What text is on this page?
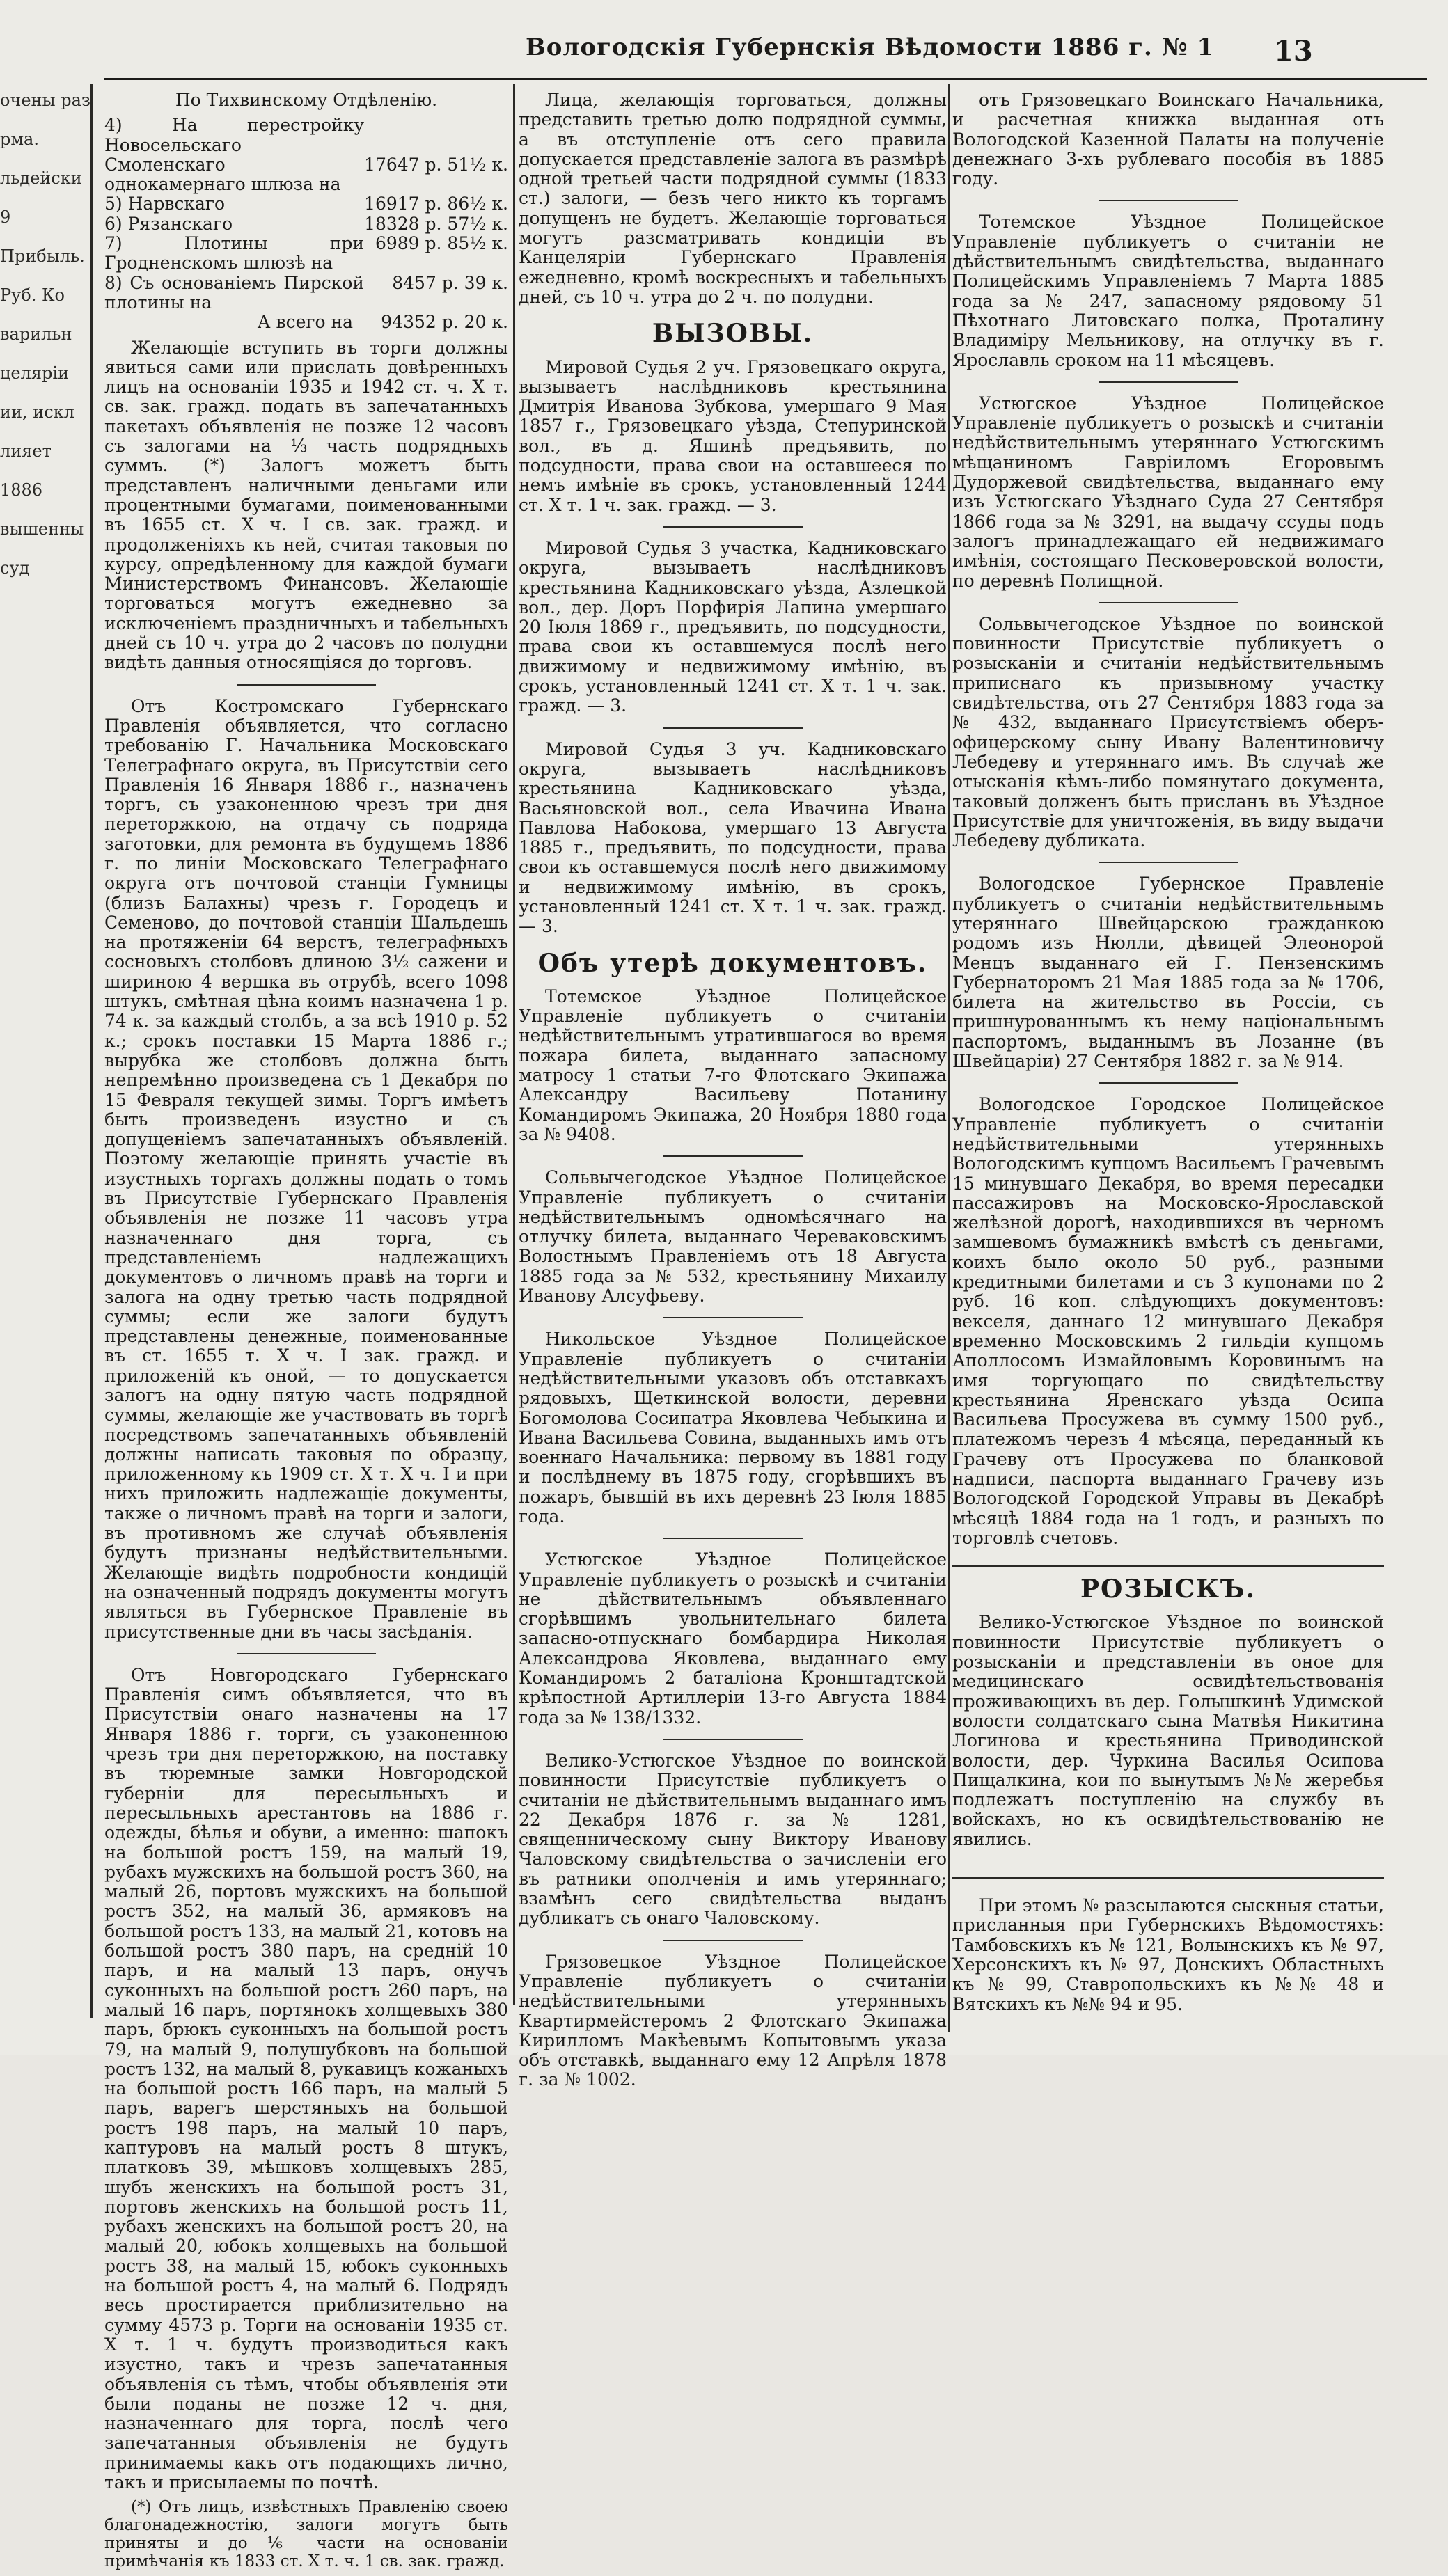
Вологодскія Губернскія Вѣдомости 1886 г. № 1 13
очены раз
рма.
льдейски
9
Прибыль.
Руб. Ко
варильн
целярiи
ии, искл
лияет
1886
вышенны
суд

По Тихвинскому Отдѣленію.

4) На перестройку Новосельскаго	
Смоленскаго однокамернаго шлюза на	17647 р. 51½ к.
5) Нарвскаго	16917 р. 86½ к.
6) Рязанскаго	18328 р. 57½ к.
7) Плотины при Гродненскомъ шлюзѣ на	6989 р. 85½ к.
8) Съ основаніемъ Пирской плотины на	8457 р. 39 к.
А всего на	94352 р. 20 к.

Желающіе вступить въ торги должны явиться сами или прислать довѣренныхъ лицъ на основаніи 1935 и 1942 ст. ч. Х т. св. зак. гражд. подать въ запечатанныхъ пакетахъ объявленія не позже 12 часовъ съ залогами на ⅓ часть подрядныхъ суммъ. (*) Залогъ можетъ быть представленъ наличными деньгами или процентными бумагами, поименованными въ 1655 ст. Х ч. I св. зак. гражд. и продолженіяхъ къ ней, считая таковыя по курсу, опредѣленному для каждой бумаги Министерствомъ Финансовъ. Желающіе торговаться могутъ ежедневно за исключеніемъ праздничныхъ и табельныхъ дней съ 10 ч. утра до 2 часовъ по полудни видѣть данныя относящіяся до торговъ.

Отъ Костромскаго Губернскаго Правленія объявляется, что согласно требованію Г. Начальника Московскаго Телеграфнаго округа, въ Присутствіи сего Правленія 16 Января 1886 г., назначенъ торгъ, съ узаконенною чрезъ три дня переторжкою, на отдачу съ подряда заготовки, для ремонта въ будущемъ 1886 г. по линіи Московскаго Телеграфнаго округа отъ почтовой станціи Гумницы (близъ Балахны) чрезъ г. Городецъ и Семеново, до почтовой станціи Шальдешь на протяженіи 64 верстъ, телеграфныхъ сосновыхъ столбовъ длиною 3½ сажени и шириною 4 вершка въ отрубѣ, всего 1098 штукъ, смѣтная цѣна коимъ назначена 1 р. 74 к. за каждый столбъ, а за всѣ 1910 р. 52 к.; срокъ поставки 15 Марта 1886 г.; вырубка же столбовъ должна быть непремѣнно произведена съ 1 Декабря по 15 Февраля текущей зимы. Торгъ имѣетъ быть произведенъ изустно и съ допущеніемъ запечатанныхъ объявленій. Поэтому желающіе принять участіе въ изустныхъ торгахъ должны подать о томъ въ Присутствіе Губернскаго Правленія объявленія не позже 11 часовъ утра назначеннаго дня торга, съ представленіемъ надлежащихъ документовъ о личномъ правѣ на торги и залога на одну третью часть подрядной суммы; если же залоги будутъ представлены денежные, поименованные въ ст. 1655 т. Х ч. I зак. гражд. и приложеній къ оной, — то допускается залогъ на одну пятую часть подрядной суммы, желающіе же участвовать въ торгѣ посредствомъ запечатанныхъ объявленій должны написать таковыя по образцу, приложенному къ 1909 ст. Х т. Х ч. I и при нихъ приложить надлежащіе документы, также о личномъ правѣ на торги и залоги, въ противномъ же случаѣ объявленія будутъ признаны недѣйствительными. Желающіе видѣть подробности кондицій на означенный подрядъ документы могутъ являться въ Губернское Правленіе въ присутственные дни въ часы засѣданія.

Отъ Новгородскаго Губернскаго Правленія симъ объявляется, что въ Присутствіи онаго назначены на 17 Января 1886 г. торги, съ узаконенною чрезъ три дня переторжкою, на поставку въ тюремные замки Новгородской губерніи для пересыльныхъ и пересыльныхъ арестантовъ на 1886 г. одежды, бѣлья и обуви, а именно: шапокъ на большой ростъ 159, на малый 19, рубахъ мужскихъ на большой ростъ 360, на малый 26, портовъ мужскихъ на большой ростъ 352, на малый 36, армяковъ на большой ростъ 133, на малый 21, котовъ на большой ростъ 380 паръ, на средній 10 паръ, и на малый 13 паръ, онучъ суконныхъ на большой ростъ 260 паръ, на малый 16 паръ, портянокъ холщевыхъ 380 паръ, брюкъ суконныхъ на большой ростъ 79, на малый 9, полушубковъ на большой ростъ 132, на малый 8, рукавицъ кожаныхъ на большой ростъ 166 паръ, на малый 5 паръ, варегъ шерстяныхъ на большой ростъ 198 паръ, на малый 10 паръ, каптуровъ на малый ростъ 8 штукъ, платковъ 39, мѣшковъ холщевыхъ 285, шубъ женскихъ на большой ростъ 31, портовъ женскихъ на большой ростъ 11, рубахъ женскихъ на большой ростъ 20, на малый 20, юбокъ холщевыхъ на большой ростъ 38, на малый 15, юбокъ суконныхъ на большой ростъ 4, на малый 6. Подрядъ весь простирается приблизительно на сумму 4573 р. Торги на основаніи 1935 ст. Х т. 1 ч. будутъ производиться какъ изустно, такъ и чрезъ запечатанныя объявленія съ тѣмъ, чтобы объявленія эти были поданы не позже 12 ч. дня, назначеннаго для торга, послѣ чего запечатанныя объявленія не будутъ принимаемы какъ отъ подающихъ лично, такъ и присылаемы по почтѣ.

(*) Отъ лицъ, извѣстныхъ Правленію своею благонадежностію, залоги могутъ быть приняты и до ⅙ части на основаніи примѣчанія къ 1833 ст. Х т. ч. 1 св. зак. гражд.

Лица, желающія торговаться, должны представить третью долю подрядной суммы, а въ отступленіе отъ сего правила допускается представленіе залога въ размѣрѣ одной третьей части подрядной суммы (1833 ст.) залоги, — безъ чего никто къ торгамъ допущенъ не будетъ. Желающіе торговаться могутъ разсматривать кондиціи въ Канцеляріи Губернскаго Правленія ежедневно, кромѣ воскресныхъ и табельныхъ дней, съ 10 ч. утра до 2 ч. по полудни.

ВЫЗОВЫ.

Мировой Судья 2 уч. Грязовецкаго округа, вызываетъ наслѣдниковъ крестьянина Дмитрія Иванова Зубкова, умершаго 9 Мая 1857 г., Грязовецкаго уѣзда, Степуринской вол., въ д. Яшинѣ предъявить, по подсудности, права свои на оставшееся по немъ имѣніе въ срокъ, установленный 1244 ст. Х т. 1 ч. зак. гражд. — 3.

Мировой Судья 3 участка, Кадниковскаго округа, вызываетъ наслѣдниковъ крестьянина Кадниковскаго уѣзда, Азлецкой вол., дер. Доръ Порфирія Лапина умершаго 20 Іюля 1869 г., предъявить, по подсудности, права свои къ оставшемуся послѣ него движимому и недвижимому имѣнію, въ срокъ, установленный 1241 ст. Х т. 1 ч. зак. гражд. — 3.

Мировой Судья 3 уч. Кадниковскаго округа, вызываетъ наслѣдниковъ крестьянина Кадниковскаго уѣзда, Васьяновской вол., села Ивачина Ивана Павлова Набокова, умершаго 13 Августа 1885 г., предъявить, по подсудности, права свои къ оставшемуся послѣ него движимому и недвижимому имѣнію, въ срокъ, установленный 1241 ст. Х т. 1 ч. зак. гражд. — 3.

Объ утерѣ документовъ.

Тотемское Уѣздное Полицейское Управленіе публикуетъ о считаніи недѣйствительнымъ утратившагося во время пожара билета, выданнаго запасному матросу 1 статьи 7-го Флотскаго Экипажа Александру Васильеву Потанину Командиромъ Экипажа, 20 Ноября 1880 года за № 9408.

Сольвычегодское Уѣздное Полицейское Управленіе публикуетъ о считаніи недѣйствительнымъ одномѣсячнаго на отлучку билета, выданнаго Череваковскимъ Волостнымъ Правленіемъ отъ 18 Августа 1885 года за № 532, крестьянину Михаилу Иванову Алсуфьеву.

Никольское Уѣздное Полицейское Управленіе публикуетъ о считаніи недѣйствительными указовъ объ отставкахъ рядовыхъ, Щеткинской волости, деревни Богомолова Сосипатра Яковлева Чебыкина и Ивана Васильева Совина, выданныхъ имъ отъ военнаго Начальника: первому въ 1881 году и послѣднему въ 1875 году, сгорѣвшихъ въ пожаръ, бывшій въ ихъ деревнѣ 23 Іюля 1885 года.

Устюгское Уѣздное Полицейское Управленіе публикуетъ о розыскѣ и считаніи не дѣйствительнымъ объявленнаго сгорѣвшимъ увольнительнаго билета запасно-отпускнаго бомбардира Николая Александрова Яковлева, выданнаго ему Командиромъ 2 баталіона Кронштадтской крѣпостной Артиллеріи 13-го Августа 1884 года за № 138/1332.

Велико-Устюгское Уѣздное по воинской повинности Присутствіе публикуетъ о считаніи не дѣйствительнымъ выданнаго имъ 22 Декабря 1876 г. за № 1281, священническому сыну Виктору Иванову Чаловскому свидѣтельства о зачисленіи его въ ратники ополченія и имъ утеряннаго; взамѣнъ сего свидѣтельства выданъ дубликатъ съ онаго Чаловскому.

Грязовецкое Уѣздное Полицейское Управленіе публикуетъ о считаніи недѣйствительными утерянныхъ Квартирмейстеромъ 2 Флотскаго Экипажа Кирилломъ Макѣевымъ Копытовымъ указа объ отставкѣ, выданнаго ему 12 Апрѣля 1878 г. за № 1002.

отъ Грязовецкаго Воинскаго Начальника, и расчетная книжка выданная отъ Вологодской Казенной Палаты на полученіе денежнаго 3-хъ рублеваго пособія въ 1885 году.

Тотемское Уѣздное Полицейское Управленіе публикуетъ о считаніи не дѣйствительнымъ свидѣтельства, выданнаго Полицейскимъ Управленіемъ 7 Марта 1885 года за № 247, запасному рядовому 51 Пѣхотнаго Литовскаго полка, Проталину Владиміру Мельникову, на отлучку въ г. Ярославль сроком на 11 мѣсяцевъ.

Устюгское Уѣздное Полицейское Управленіе публикуетъ о розыскѣ и считаніи недѣйствительнымъ утеряннаго Устюгскимъ мѣщаниномъ Гавріиломъ Егоровымъ Дудоржевой свидѣтельства, выданнаго ему изъ Устюгскаго Уѣзднаго Суда 27 Сентября 1866 года за № 3291, на выдачу ссуды подъ залогъ принадлежащаго ей недвижимаго имѣнія, состоящаго Песковеровской волости, по деревнѣ Полищной.

Сольвычегодское Уѣздное по воинской повинности Присутствіе публикуетъ о розысканіи и считаніи недѣйствительнымъ приписнаго къ призывному участку свидѣтельства, отъ 27 Сентября 1883 года за № 432, выданнаго Присутствіемъ оберъ-офицерскому сыну Ивану Валентиновичу Лебедеву и утеряннаго имъ. Въ случаѣ же отысканія кѣмъ-либо помянутаго документа, таковый долженъ быть присланъ въ Уѣздное Присутствіе для уничтоженія, въ виду выдачи Лебедеву дубликата.

Вологодское Губернское Правленіе публикуетъ о считаніи недѣйствительнымъ утеряннаго Швейцарскою гражданкою родомъ изъ Нюлли, дѣвицей Элеонорой Менцъ выданнаго ей Г. Пензенскимъ Губернаторомъ 21 Мая 1885 года за № 1706, билета на жительство въ Россіи, съ пришнурованнымъ къ нему національнымъ паспортомъ, выданнымъ въ Лозанне (въ Швейцаріи) 27 Сентября 1882 г. за № 914.

Вологодское Городское Полицейское Управленіе публикуетъ о считаніи недѣйствительными утерянныхъ Вологодскимъ купцомъ Васильемъ Грачевымъ 15 минувшаго Декабря, во время пересадки пассажировъ на Московско-Ярославской желѣзной дорогѣ, находившихся въ черномъ замшевомъ бумажникѣ вмѣстѣ съ деньгами, коихъ было около 50 руб., разными кредитными билетами и съ 3 купонами по 2 руб. 16 коп. слѣдующихъ документовъ: векселя, даннаго 12 минувшаго Декабря временно Московскимъ 2 гильдіи купцомъ Аполлосомъ Измайловымъ Коровинымъ на имя торгующаго по свидѣтельству крестьянина Яренскаго уѣзда Осипа Васильева Просужева въ сумму 1500 руб., платежомъ черезъ 4 мѣсяца, переданный къ Грачеву отъ Просужева по бланковой надписи, паспорта выданнаго Грачеву изъ Вологодской Городской Управы въ Декабрѣ мѣсяцѣ 1884 года на 1 годъ, и разныхъ по торговлѣ счетовъ.

РОЗЫСКЪ.

Велико-Устюгское Уѣздное по воинской повинности Присутствіе публикуетъ о розысканіи и представленіи въ оное для медицинскаго освидѣтельствованія проживающихъ въ дер. Голышкинѣ Удимской волости солдатскаго сына Матвѣя Никитина Логинова и крестьянина Приводинской волости, дер. Чуркина Василья Осипова Пищалкина, кои по вынутымъ №№ жеребья подлежатъ поступленію на службу въ войскахъ, но къ освидѣтельствованію не явились.

При этомъ № разсылаются сыскныя статьи, присланныя при Губернскихъ Вѣдомостяхъ: Тамбовскихъ къ № 121, Волынскихъ къ № 97, Херсонскихъ къ № 97, Донскихъ Областныхъ къ № 99, Ставропольскихъ къ №№ 48 и Вятскихъ къ №№ 94 и 95.
